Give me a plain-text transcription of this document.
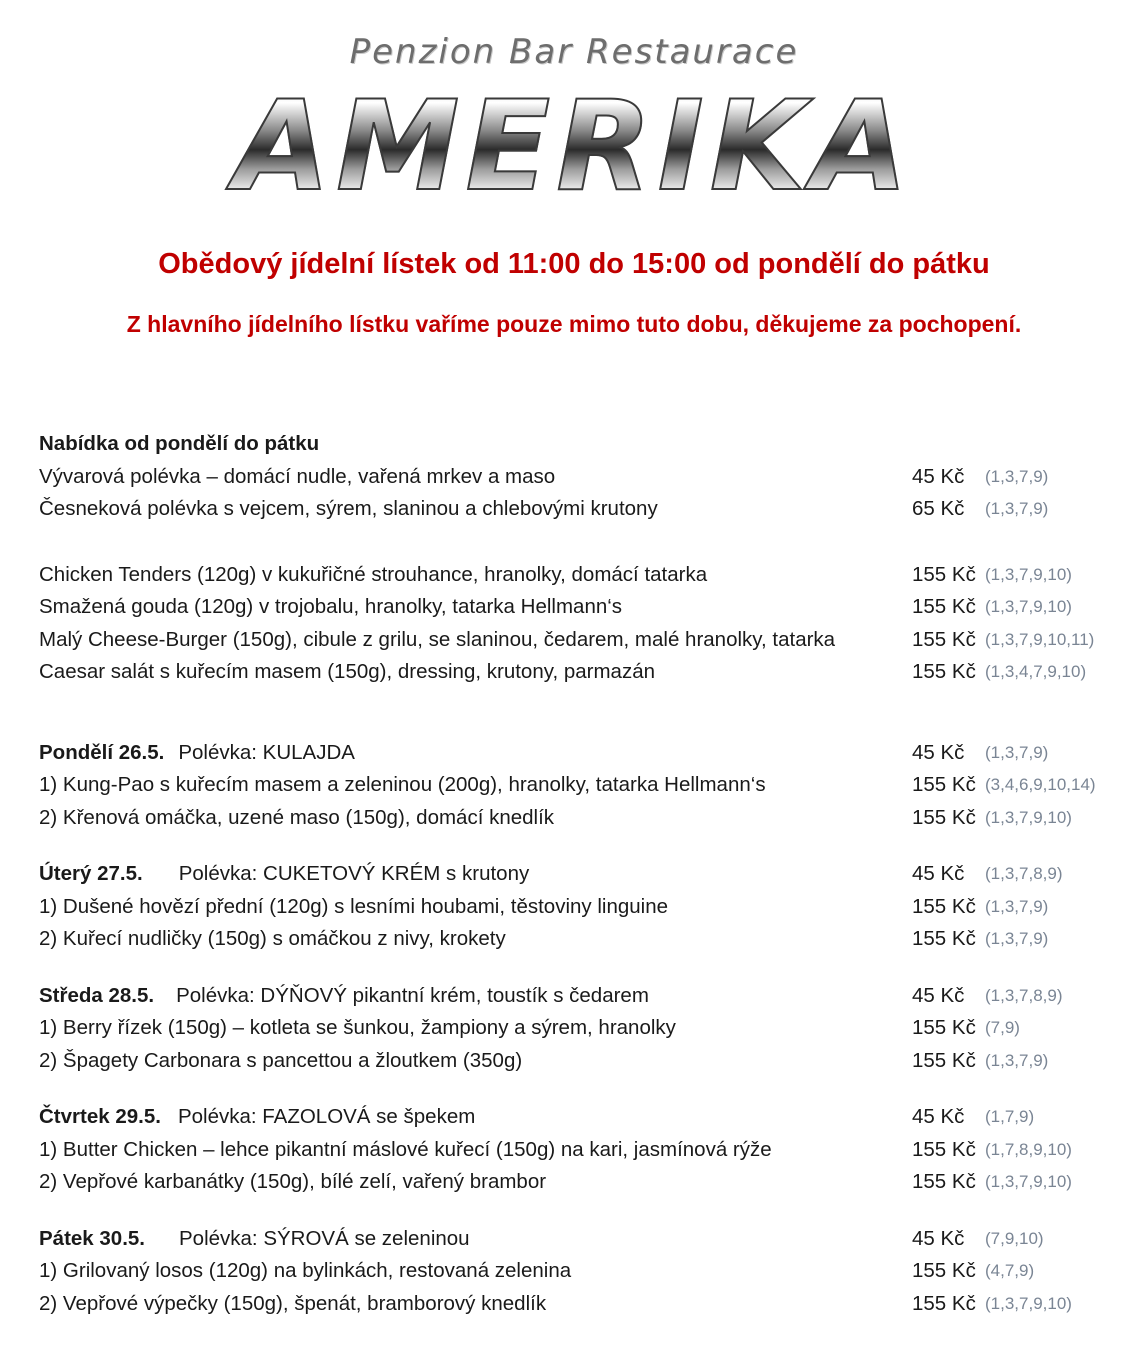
Penzion Bar Restaurace
AMERIKA
Obědový jídelní lístek od 11:00 do 15:00 od pondělí do pátku
Z hlavního jídelního lístku vaříme pouze mimo tuto dobu, děkujeme za pochopení.
Nabídka od pondělí do pátku
Vývarová polévka – domácí nudle, vařená mrkev a maso	45 Kč (1,3,7,9)
Česneková polévka s vejcem, sýrem, slaninou a chlebovými krutony	65 Kč (1,3,7,9)
Chicken Tenders (120g) v kukuřičné strouhance, hranolky, domácí tatarka	155 Kč (1,3,7,9,10)
Smažená gouda (120g) v trojobalu, hranolky, tatarka Hellmann‘s	155 Kč (1,3,7,9,10)
Malý Cheese-Burger (150g), cibule z grilu, se slaninou, čedarem, malé hranolky, tatarka	155 Kč (1,3,7,9,10,11)
Caesar salát s kuřecím masem (150g), dressing, krutony, parmazán	155 Kč (1,3,4,7,9,10)
Pondělí 26.5. Polévka: KULAJDA	45 Kč (1,3,7,9)
1) Kung-Pao s kuřecím masem a zeleninou (200g), hranolky, tatarka Hellmann‘s	155 Kč (3,4,6,9,10,14)
2) Křenová omáčka, uzené maso (150g), domácí knedlík	155 Kč (1,3,7,9,10)
Úterý 27.5. Polévka: CUKETOVÝ KRÉM s krutony	45 Kč (1,3,7,8,9)
1) Dušené hovězí přední (120g) s lesními houbami, těstoviny linguine	155 Kč (1,3,7,9)
2) Kuřecí nudličky (150g) s omáčkou z nivy, krokety	155 Kč (1,3,7,9)
Středa 28.5. Polévka: DÝŇOVÝ pikantní krém, toustík s čedarem	45 Kč (1,3,7,8,9)
1) Berry řízek (150g) – kotleta se šunkou, žampiony a sýrem, hranolky	155 Kč (7,9)
2) Špagety Carbonara s pancettou a žloutkem (350g)	155 Kč (1,3,7,9)
Čtvrtek 29.5. Polévka: FAZOLOVÁ se špekem	45 Kč (1,7,9)
1) Butter Chicken – lehce pikantní máslové kuřecí (150g) na kari, jasmínová rýže	155 Kč (1,7,8,9,10)
2) Vepřové karbanátky (150g), bílé zelí, vařený brambor	155 Kč (1,3,7,9,10)
Pátek 30.5. Polévka: SÝROVÁ se zeleninou	45 Kč (7,9,10)
1) Grilovaný losos (120g) na bylinkách, restovaná zelenina	155 Kč (4,7,9)
2) Vepřové výpečky (150g), špenát, bramborový knedlík	155 Kč (1,3,7,9,10)
